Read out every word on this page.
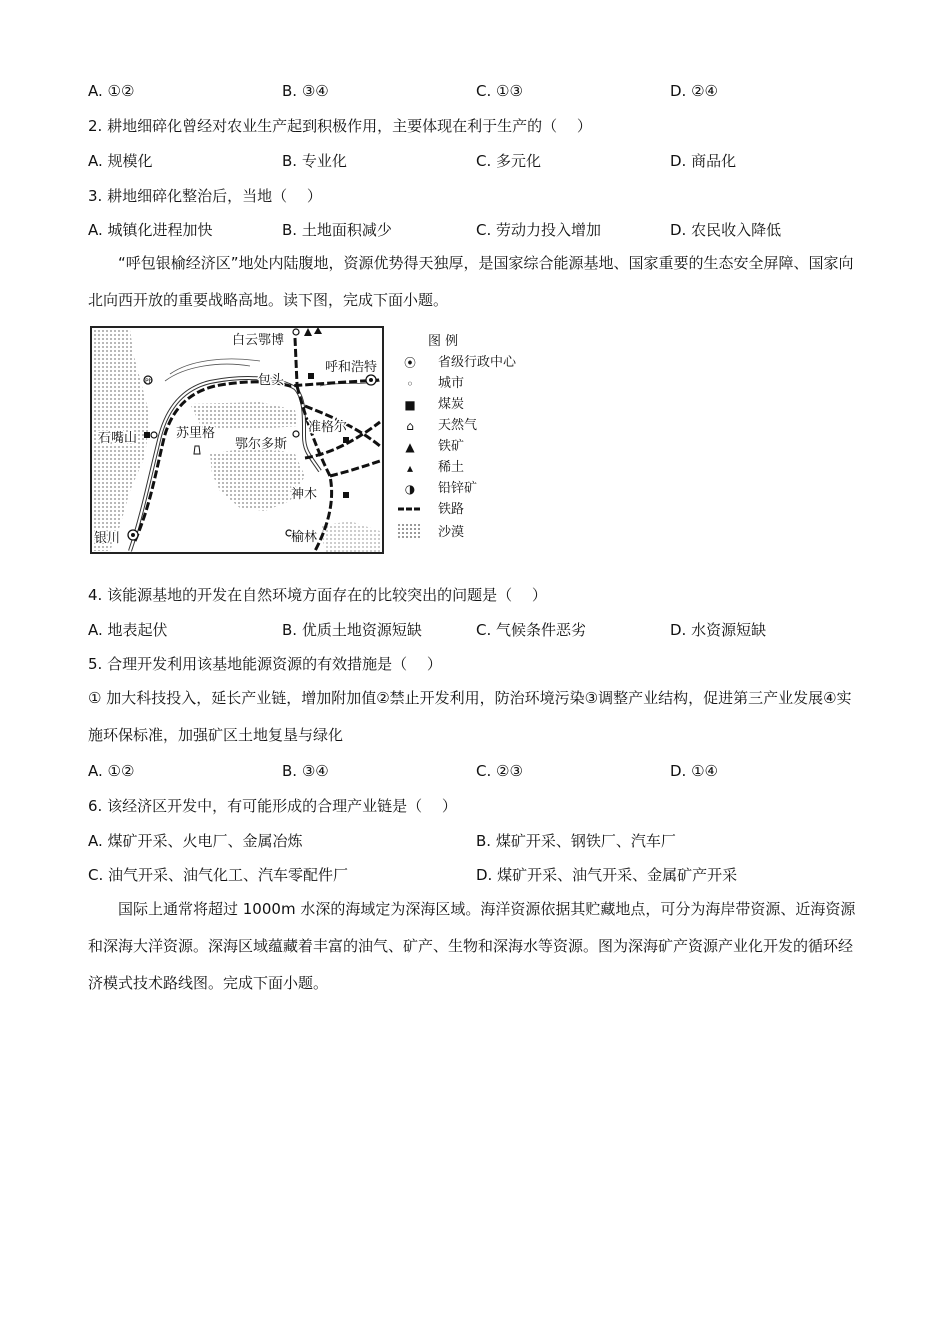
A. ①②	B. ③④	C. ①③	D. ②④
2. 耕地细碎化曾经对农业生产起到积极作用，主要体现在利于生产的（　 ）
A. 规模化	B. 专业化	C. 多元化	D. 商品化
3. 耕地细碎化整治后，当地（　 ）
A. 城镇化进程加快	B. 土地面积减少	C. 劳动力投入增加	D. 农民收入降低
“呼包银榆经济区”地处内陆腹地，资源优势得天独厚，是国家综合能源基地、国家重要的生态安全屏障、国家向北向西开放的重要战略高地。读下图，完成下面小题。
Pb
白云鄂博
包头
呼和浩特
石嘴山	苏里格
鄂尔多斯
准格尔
神木
银川	榆林
图 例
⦿	省级行政中心
◦	城市
■	煤炭
⌂	天然气
▲	铁矿
▴	稀土
◑	铅锌矿
铁路
沙漠
4. 该能源基地的开发在自然环境方面存在的比较突出的问题是（　 ）
A. 地表起伏	B. 优质土地资源短缺	C. 气候条件恶劣	D. 水资源短缺
5. 合理开发利用该基地能源资源的有效措施是（　 ）
① 加大科技投入，延长产业链，增加附加值②禁止开发利用，防治环境污染③调整产业结构，促进第三产业发展④实施环保标准，加强矿区土地复垦与绿化
A. ①②	B. ③④	C. ②③	D. ①④
6. 该经济区开发中，有可能形成的合理产业链是（　 ）
A. 煤矿开采、火电厂、金属冶炼	B. 煤矿开采、钢铁厂、汽车厂
C. 油气开采、油气化工、汽车零配件厂	D. 煤矿开采、油气开采、金属矿产开采
国际上通常将超过 1000m 水深的海域定为深海区域。海洋资源依据其贮藏地点，可分为海岸带资源、近海资源和深海大洋资源。深海区域蕴藏着丰富的油气、矿产、生物和深海水等资源。图为深海矿产资源产业化开发的循环经济模式技术路线图。完成下面小题。
